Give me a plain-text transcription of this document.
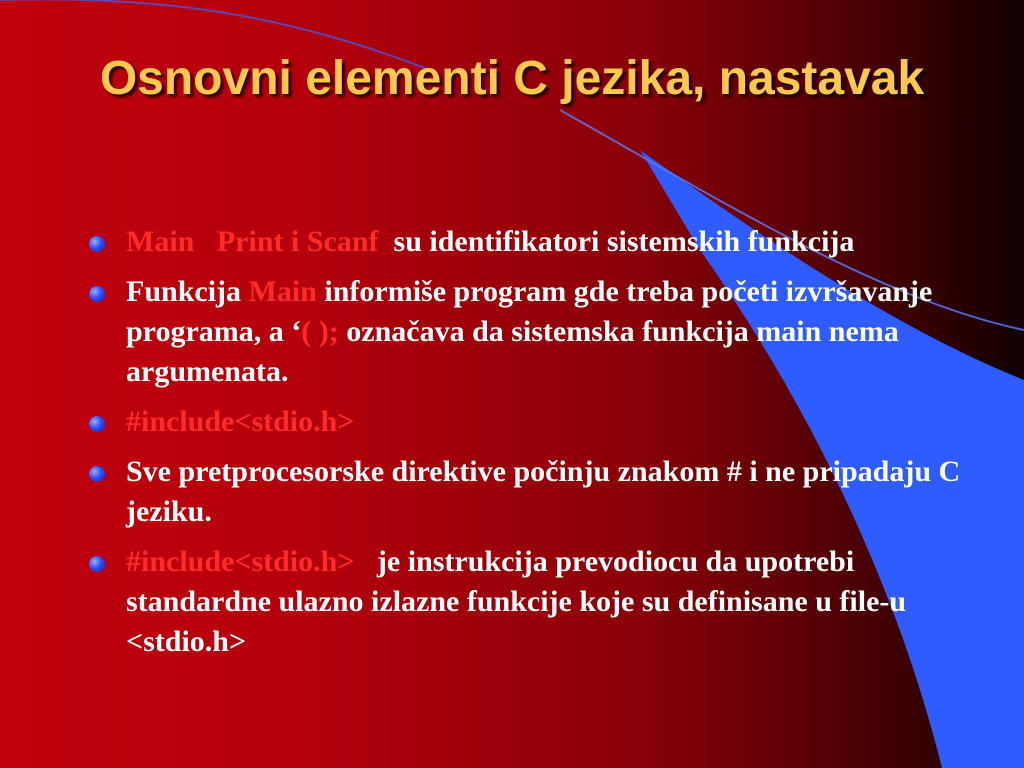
Osnovni elementi C jezika, nastavak
Main Print i Scanf su identifikatori sistemskih funkcija
Funkcija Main informiše program gde treba početi izvršavanje programa, a ‘( ); označava da sistemska funkcija main nema argumenata.
#include<stdio.h>
Sve pretprocesorske direktive počinju znakom # i ne pripadaju C jeziku.
#include<stdio.h> je instrukcija prevodiocu da upotrebi standardne ulazno izlazne funkcije koje su definisane u file-u <stdio.h>
